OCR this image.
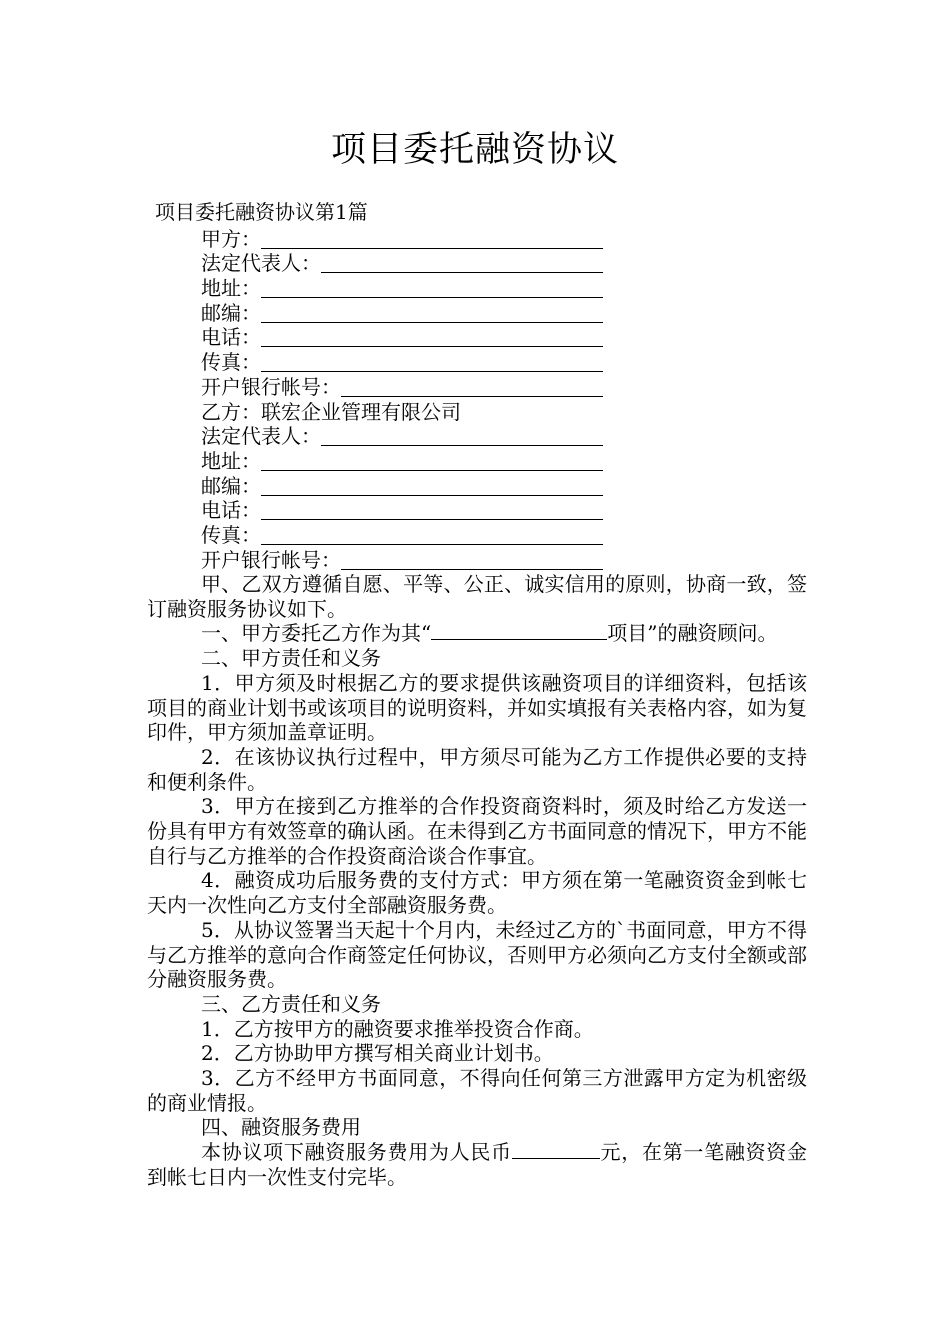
项目委托融资协议
项目委托融资协议第1篇
甲方：
法定代表人：
地址：
邮编：
电话：
传真：
开户银行帐号：
乙方： 联宏企业管理有限公司
法定代表人：
地址：
邮编：
电话：
传真：
开户银行帐号：

甲、乙双方遵循自愿、平等、公正、诚实信用的原则，协商一致，签订融资服务协议如下。

一、甲方委托乙方作为其“	项目”的融资顾问。

二、甲方责任和义务

1．甲方须及时根据乙方的要求提供该融资项目的详细资料，包括该项目的商业计划书或该项目的说明资料，并如实填报有关表格内容，如为复印件，甲方须加盖章证明。

2．在该协议执行过程中，甲方须尽可能为乙方工作提供必要的支持和便利条件。

3．甲方在接到乙方推举的合作投资商资料时，须及时给乙方发送一份具有甲方有效签章的确认函。在未得到乙方书面同意的情况下，甲方不能自行与乙方推举的合作投资商洽谈合作事宜。

4．融资成功后服务费的支付方式：甲方须在第一笔融资资金到帐七天内一次性向乙方支付全部融资服务费。

5．从协议签署当天起十个月内，未经过乙方的`书面同意，甲方不得与乙方推举的意向合作商签定任何协议，否则甲方必须向乙方支付全额或部分融资服务费。

三、乙方责任和义务

1．乙方按甲方的融资要求推举投资合作商。

2．乙方协助甲方撰写相关商业计划书。

3．乙方不经甲方书面同意，不得向任何第三方泄露甲方定为机密级的商业情报。

四、融资服务费用

本协议项下融资服务费用为人民币	元，在第一笔融资资金到帐七日内一次性支付完毕。
